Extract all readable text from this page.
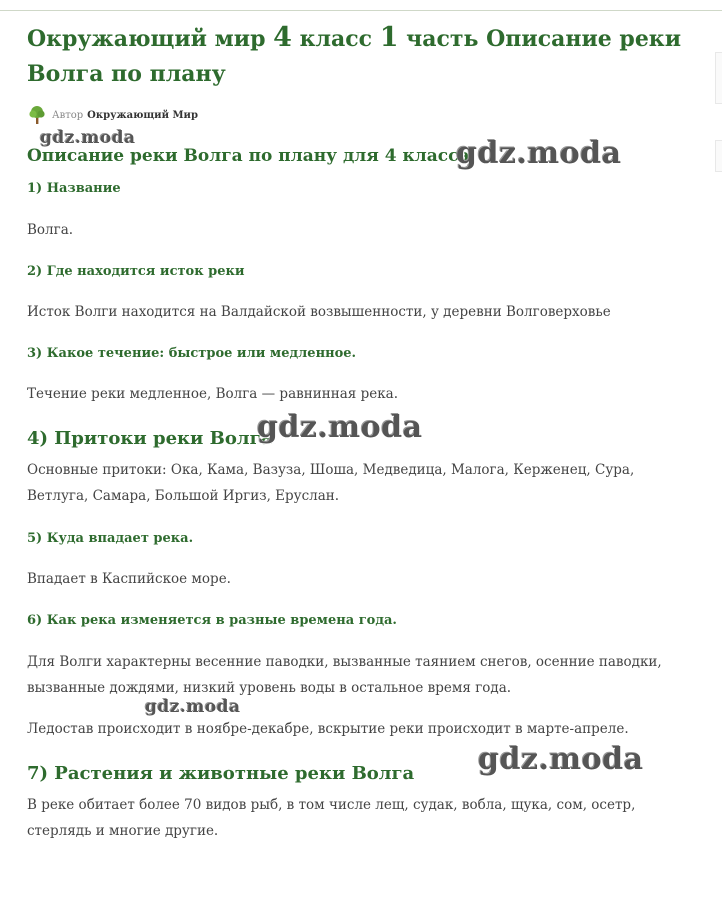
Окружающий мир 4 класс 1 часть Описание реки Волга по плану
Автор Окружающий Мир
Описание реки Волга по плану для 4 класса

1) Название

Волга.

2) Где находится исток реки

Исток Волги находится на Валдайской возвышенности, у деревни Волговерховье

3) Какое течение: быстрое или медленное.

Течение реки медленное, Волга — равнинная река.

4) Притоки реки Волга

Основные притоки: Ока, Кама, Вазуза, Шоша, Медведица, Малога, Керженец, Сура,

Ветлуга, Самара, Большой Иргиз, Еруслан.

5) Куда впадает река.

Впадает в Каспийское море.

6) Как река изменяется в разные времена года.

Для Волги характерны весенние паводки, вызванные таянием снегов, осенние паводки,

вызванные дождями, низкий уровень воды в остальное время года.

Ледостав происходит в ноябре-декабре, вскрытие реки происходит в марте-апреле.

7) Растения и животные реки Волга

В реке обитает более 70 видов рыб, в том числе лещ, судак, вобла, щука, сом, осетр,

стерлядь и многие другие.

gdz.moda	gdz.moda
gdz.moda
gdz.moda
gdz.moda
